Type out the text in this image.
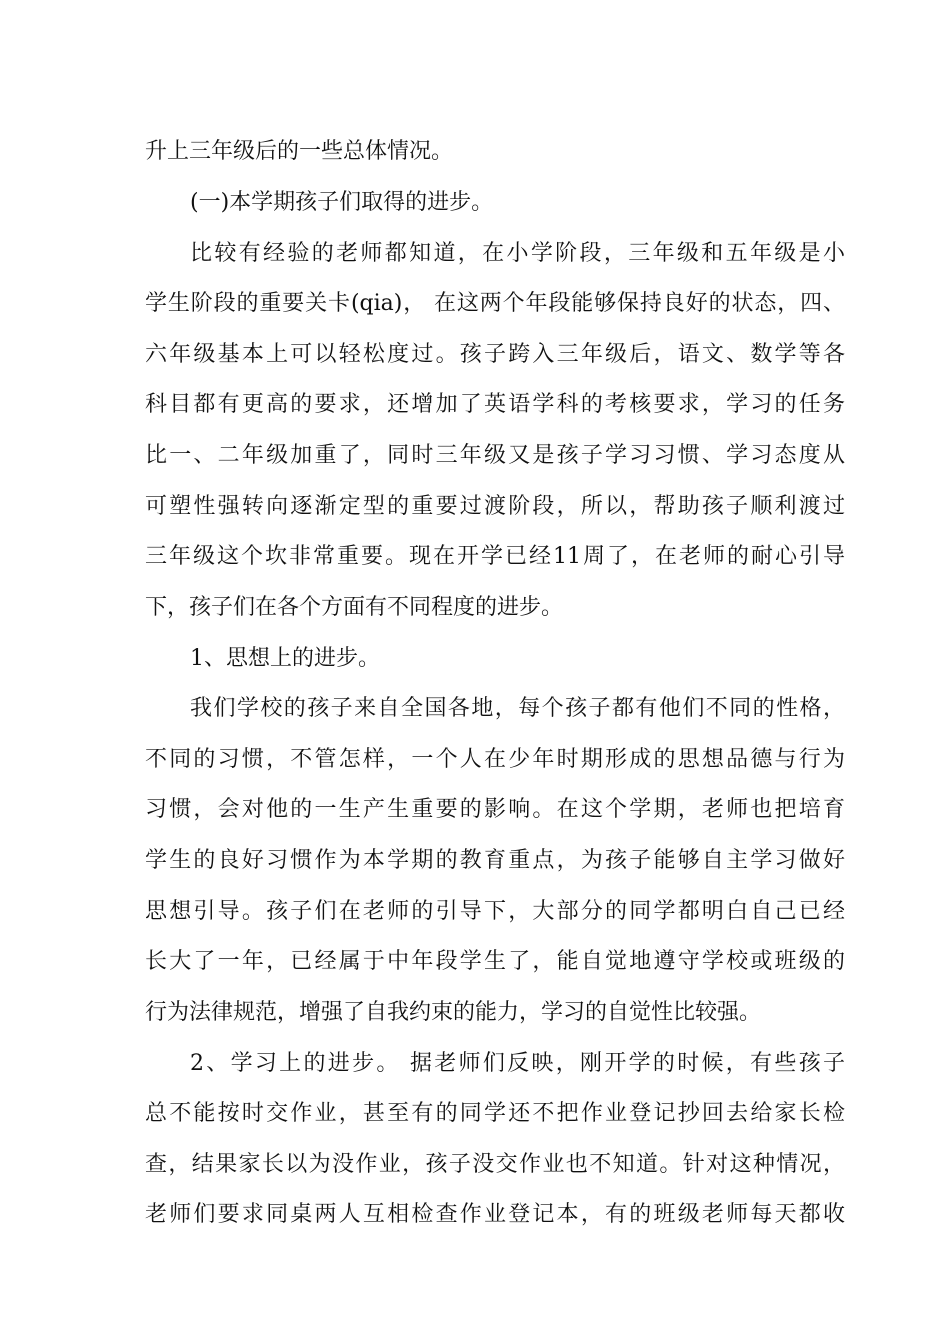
升上三年级后的一些总体情况。
(一)本学期孩子们取得的进步。
比较有经验的老师都知道，在小学阶段，三年级和五年级是小
学生阶段的重要关卡(qia)， 在这两个年段能够保持良好的状态，四、
六年级基本上可以轻松度过。孩子跨入三年级后，语文、数学等各
科目都有更高的要求，还增加了英语学科的考核要求，学习的任务
比一、二年级加重了，同时三年级又是孩子学习习惯、学习态度从
可塑性强转向逐渐定型的重要过渡阶段，所以，帮助孩子顺利渡过
三年级这个坎非常重要。现在开学已经11周了，在老师的耐心引导
下，孩子们在各个方面有不同程度的进步。
1、思想上的进步。
我们学校的孩子来自全国各地，每个孩子都有他们不同的性格，
不同的习惯，不管怎样，一个人在少年时期形成的思想品德与行为
习惯，会对他的一生产生重要的影响。在这个学期，老师也把培育
学生的良好习惯作为本学期的教育重点，为孩子能够自主学习做好
思想引导。孩子们在老师的引导下，大部分的同学都明白自己已经
长大了一年，已经属于中年段学生了，能自觉地遵守学校或班级的
行为法律规范，增强了自我约束的能力，学习的自觉性比较强。
2、学习上的进步。 据老师们反映，刚开学的时候，有些孩子
总不能按时交作业，甚至有的同学还不把作业登记抄回去给家长检
查，结果家长以为没作业，孩子没交作业也不知道。针对这种情况，
老师们要求同桌两人互相检查作业登记本，有的班级老师每天都收
